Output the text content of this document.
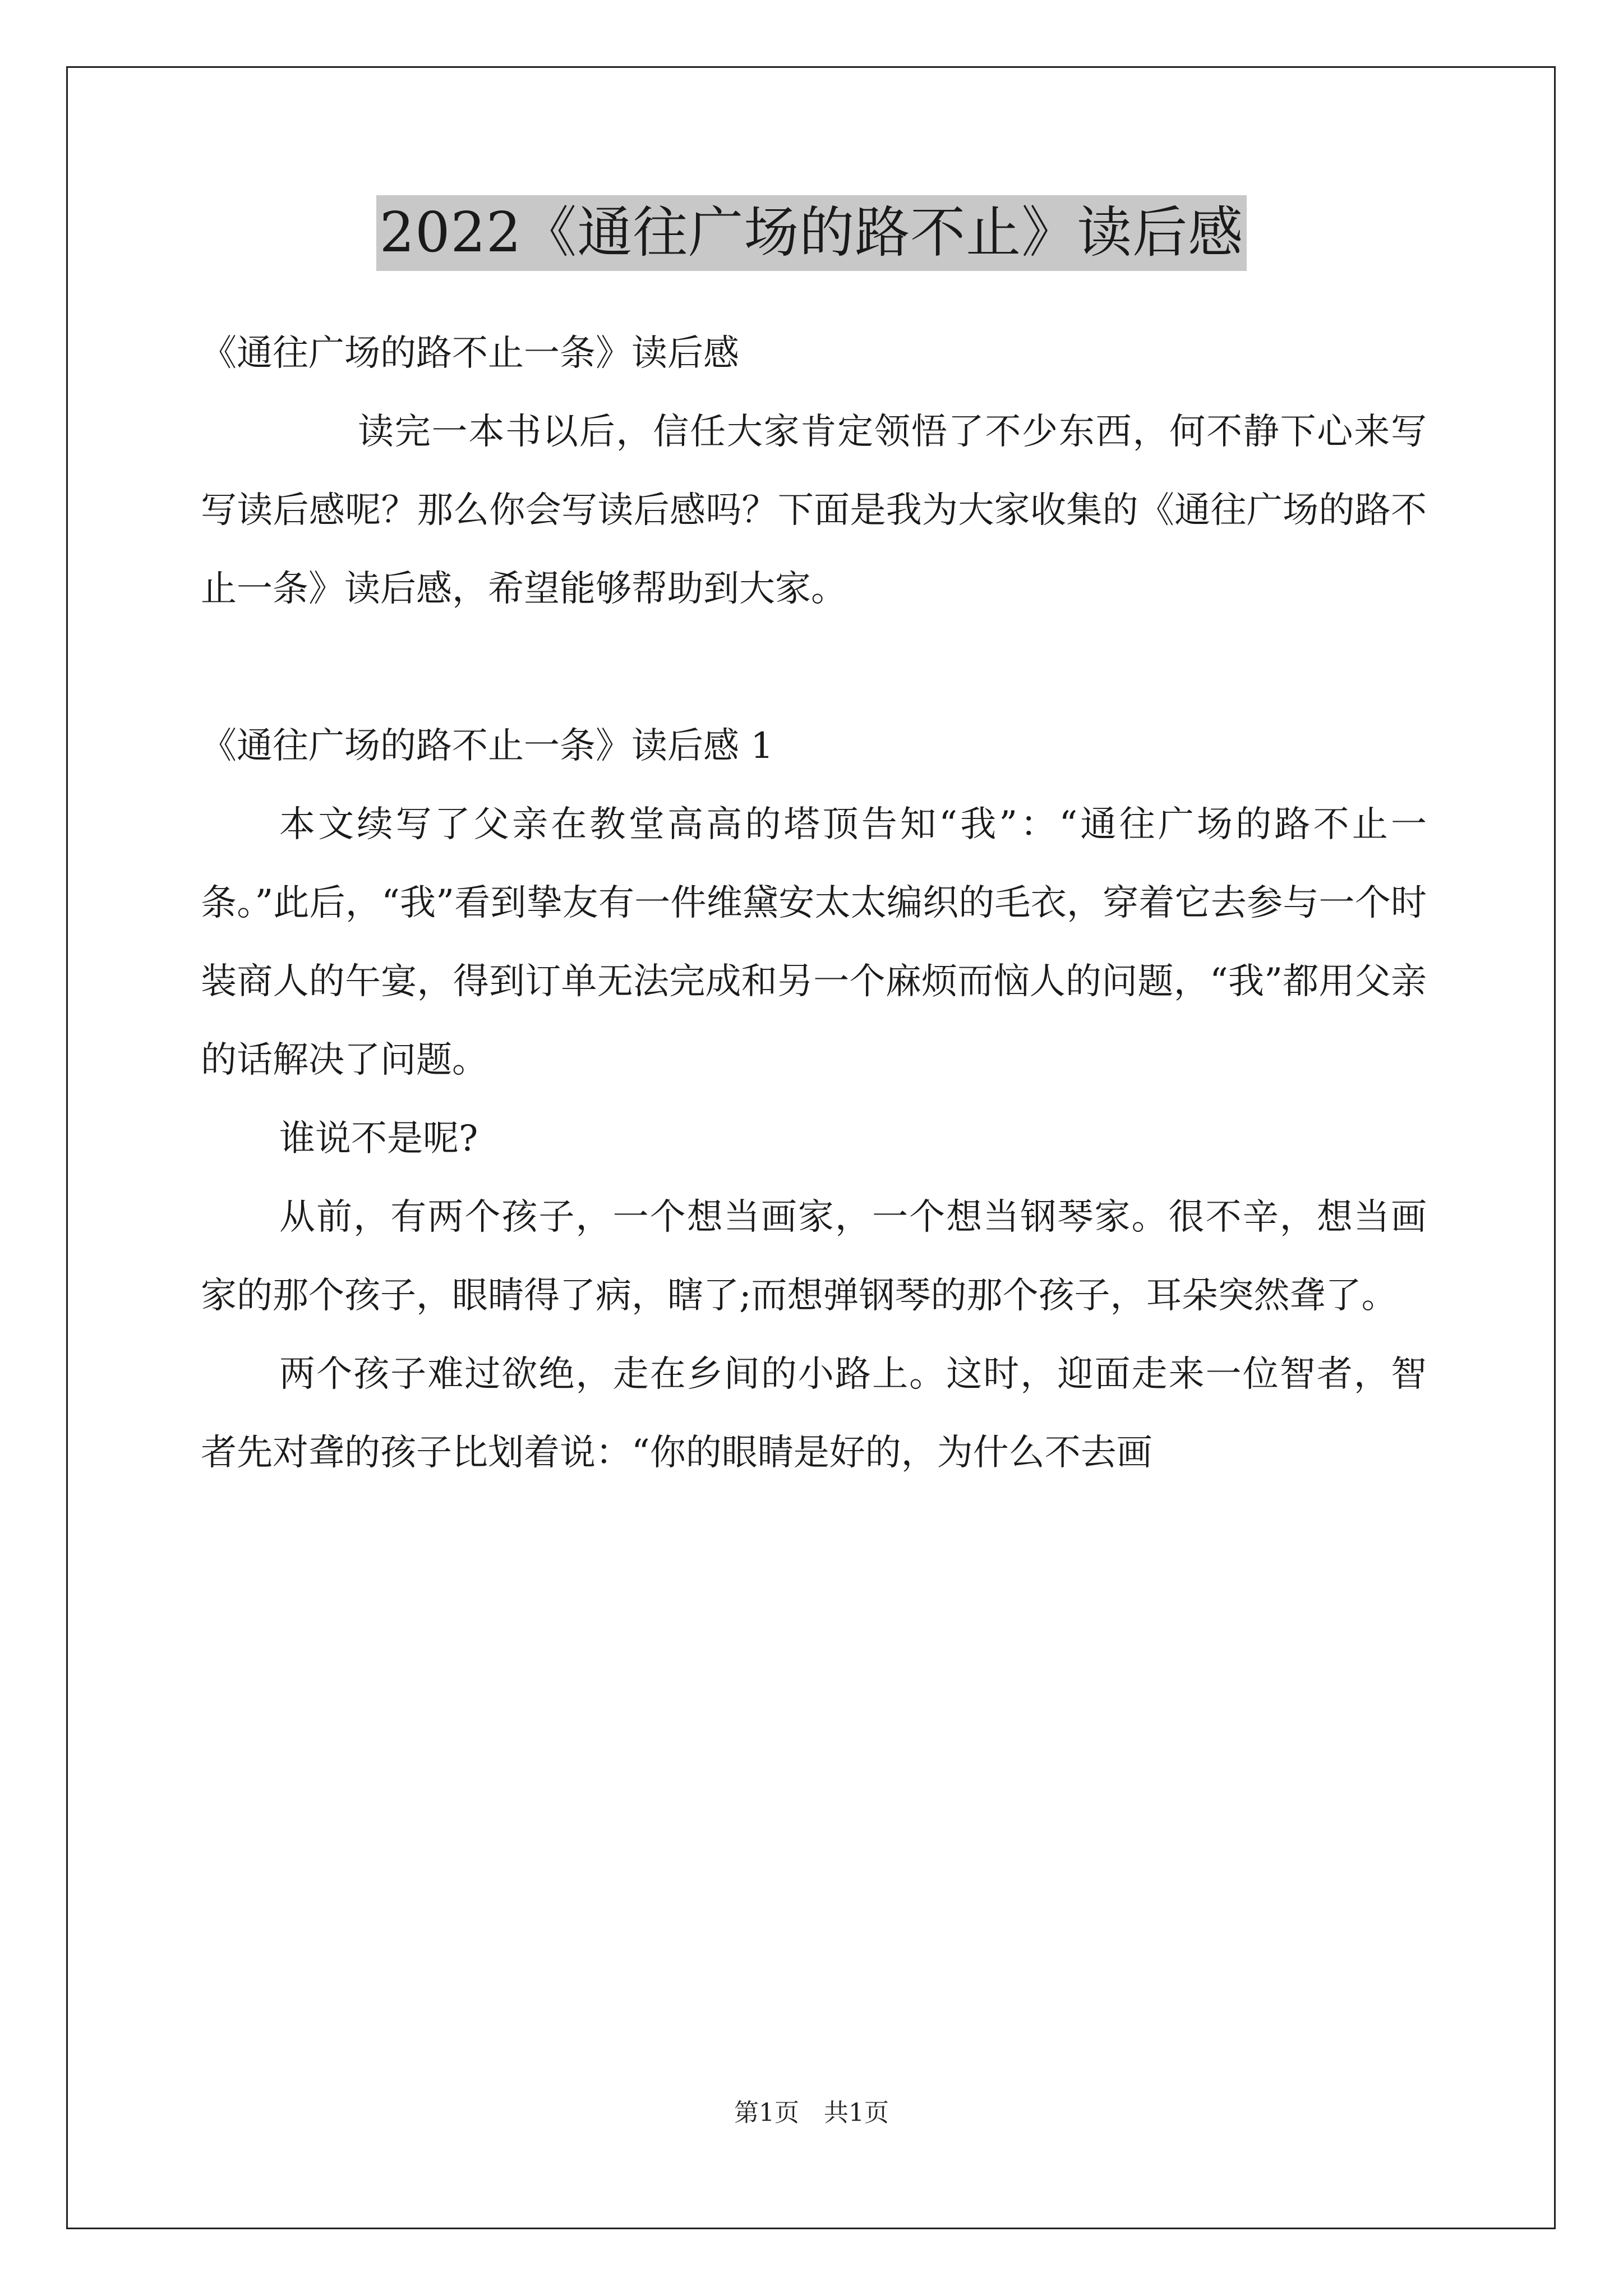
2022《通往广场的路不止》读后感

《通往广场的路不止一条》读后感

读完一本书以后，信任大家肯定领悟了不少东西，何不静下心来写写读后感呢？那么你会写读后感吗？下面是我为大家收集的《通往广场的路不止一条》读后感，希望能够帮助到大家。

《通往广场的路不止一条》读后感 1

本文续写了父亲在教堂高高的塔顶告知“我”：“通往广场的路不止一条。”此后，“我”看到挚友有一件维黛安太太编织的毛衣，穿着它去参与一个时装商人的午宴，得到订单无法完成和另一个麻烦而恼人的问题，“我”都用父亲的话解决了问题。

谁说不是呢?

从前，有两个孩子，一个想当画家，一个想当钢琴家。很不辛，想当画家的那个孩子，眼睛得了病，瞎了;而想弹钢琴的那个孩子，耳朵突然聋了。

两个孩子难过欲绝，走在乡间的小路上。这时，迎面走来一位智者，智者先对聋的孩子比划着说：“你的眼睛是好的，为什么不去画

第1页　共1页
